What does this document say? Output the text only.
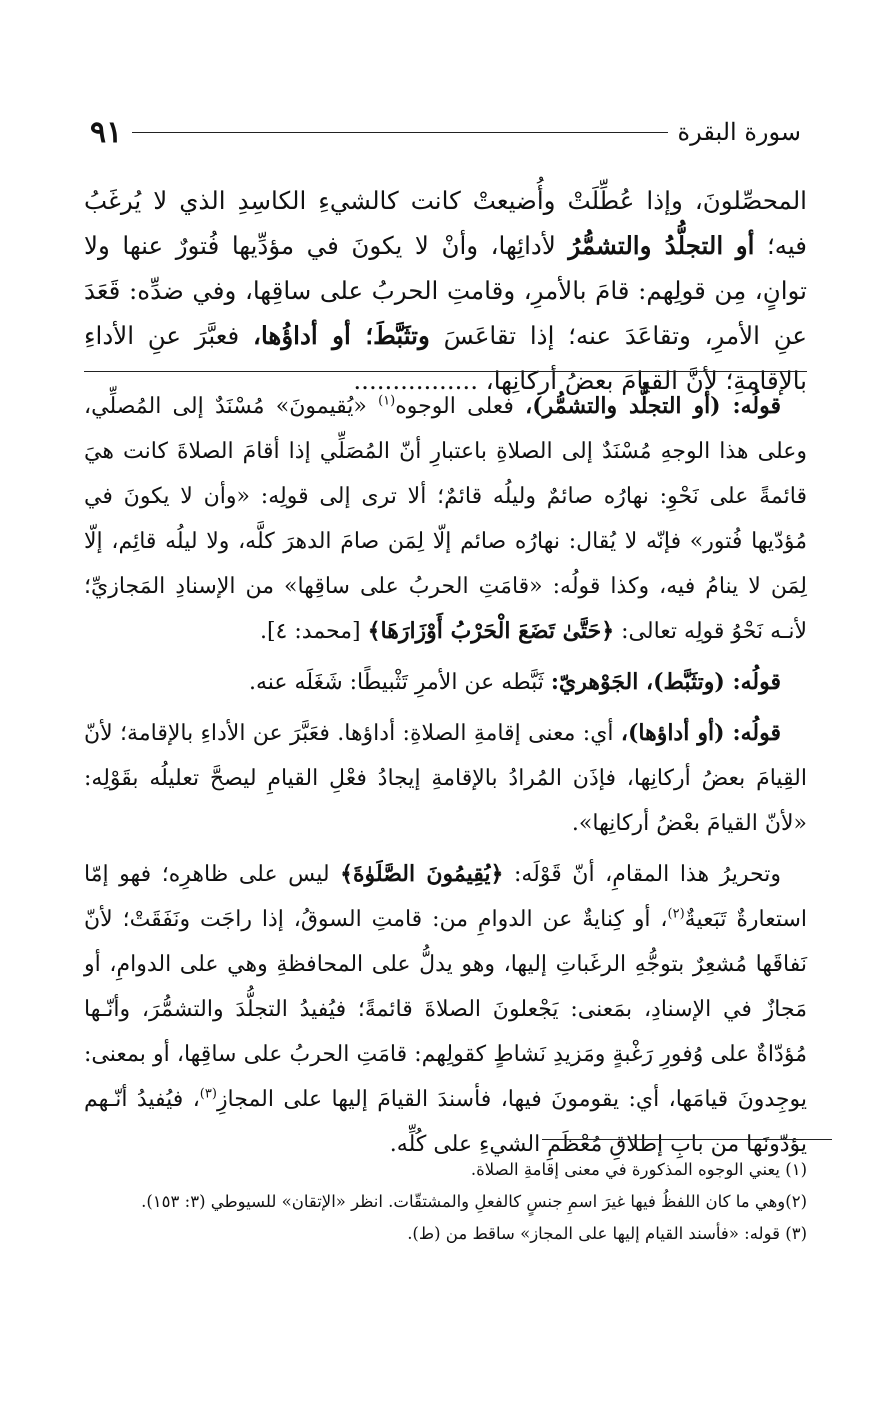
سورة البقرة
٩١
المحصِّلونَ، وإذا عُطِّلَتْ وأُضيعتْ كانت كالشيءِ الكاسِدِ الذي لا يُرغَبُ فيه؛ أو التجلُّدُ والتشمُّرُ لأدائِها، وأنْ لا يكونَ في مؤدِّيها فُتورٌ عنها ولا توانٍ، مِن قولِهم: قامَ بالأمرِ، وقامتِ الحربُ على ساقِها، وفي ضدِّه: قَعَدَ عنِ الأمرِ، وتقاعَدَ عنه؛ إذا تقاعَسَ وتثَبَّطَ؛ أو أداؤُها، فعبَّرَ عنِ الأداءِ بالإقامةِ؛ لأنَّ القيامَ بعضُ أركانِها، ................

قولُه: (أو التجلُّد والتشمُّر)، فعلى الوجوه$^{(١)}$ «يُقيمونَ» مُسْنَدٌ إلى المُصلِّي، وعلى هذا الوجهِ مُسْنَدٌ إلى الصلاةِ باعتبارِ أنّ المُصَلِّي إذا أقامَ الصلاةَ كانت هيَ قائمةً على نَحْوِ: نهارُه صائمٌ وليلُه قائمٌ؛ ألا ترى إلى قولِه: «وأن لا يكونَ في مُؤدّيها فُتور» فإنّه لا يُقال: نهارُه صائم إلّا لِمَن صامَ الدهرَ كلَّه، ولا ليلُه قائِم، إلّا لِمَن لا ينامُ فيه، وكذا قولُه: «قامَتِ الحربُ على ساقِها» من الإسنادِ المَجازيِّ؛ لأنـه نَحْوُ قولِه تعالى: ﴿حَتَّىٰ تَضَعَ الْحَرْبُ أَوْزَارَهَا﴾ [محمد: ٤].

قولُه: (وتثَبَّط)، الجَوْهريّ: ثَبَّطه عن الأمرِ تَثْبيطًا: شَغَلَه عنه.

قولُه: (أو أداؤها)، أي: معنى إقامةِ الصلاةِ: أداؤها. فعَبَّرَ عن الأداءِ بالإقامة؛ لأنّ القِيامَ بعضُ أركانِها، فإذَن المُرادُ بالإقامةِ إيجادُ فعْلِ القيامِ ليصحَّ تعليلُه بقَوْلِه: «لأنّ القيامَ بعْضُ أركانِها».

وتحريرُ هذا المقامِ، أنّ قَوْلَه: ﴿يُقِيمُونَ الصَّلَوٰةَ﴾ ليس على ظاهرِه؛ فهو إمّا استعارةٌ تَبَعيةٌ$^{(٢)}$، أو كِنايةٌ عن الدوامِ من: قامتِ السوقُ، إذا راجَت ونَفَقَتْ؛ لأنّ نَفاقَها مُشعِرٌ بتوجُّهِ الرغَباتِ إليها، وهو يدلُّ على المحافظةِ وهي على الدوامِ، أو مَجازٌ في الإسنادِ، بمَعنى: يَجْعلونَ الصلاةَ قائمةً؛ فيُفيدُ التجلُّدَ والتشمُّرَ، وأنّـها مُؤدّاةٌ على وُفورِ رَغْبةٍ ومَزيدِ نَشاطٍ كقولِهم: قامَتِ الحربُ على ساقِها، أو بمعنى: يوجِدونَ قيامَها، أي: يقومونَ فيها، فأسندَ القيامَ إليها على المجازِ$^{(٣)}$، فيُفيدُ أنّـهم يؤدّونَها من بابِ إطلاقِ مُعْظَمِ الشيءِ على كُلِّه.

(١) يعني الوجوه المذكورة في معنى إقامةِ الصلاة.
(٢)وهي ما كان اللفظُ فيها غيرَ اسمِ جنسٍ كالفعلِ والمشتقّات. انظر «الإتقان» للسيوطي (٣: ١٥٣).
(٣) قوله: «فأسند القيام إليها على المجاز» ساقط من (ط).
